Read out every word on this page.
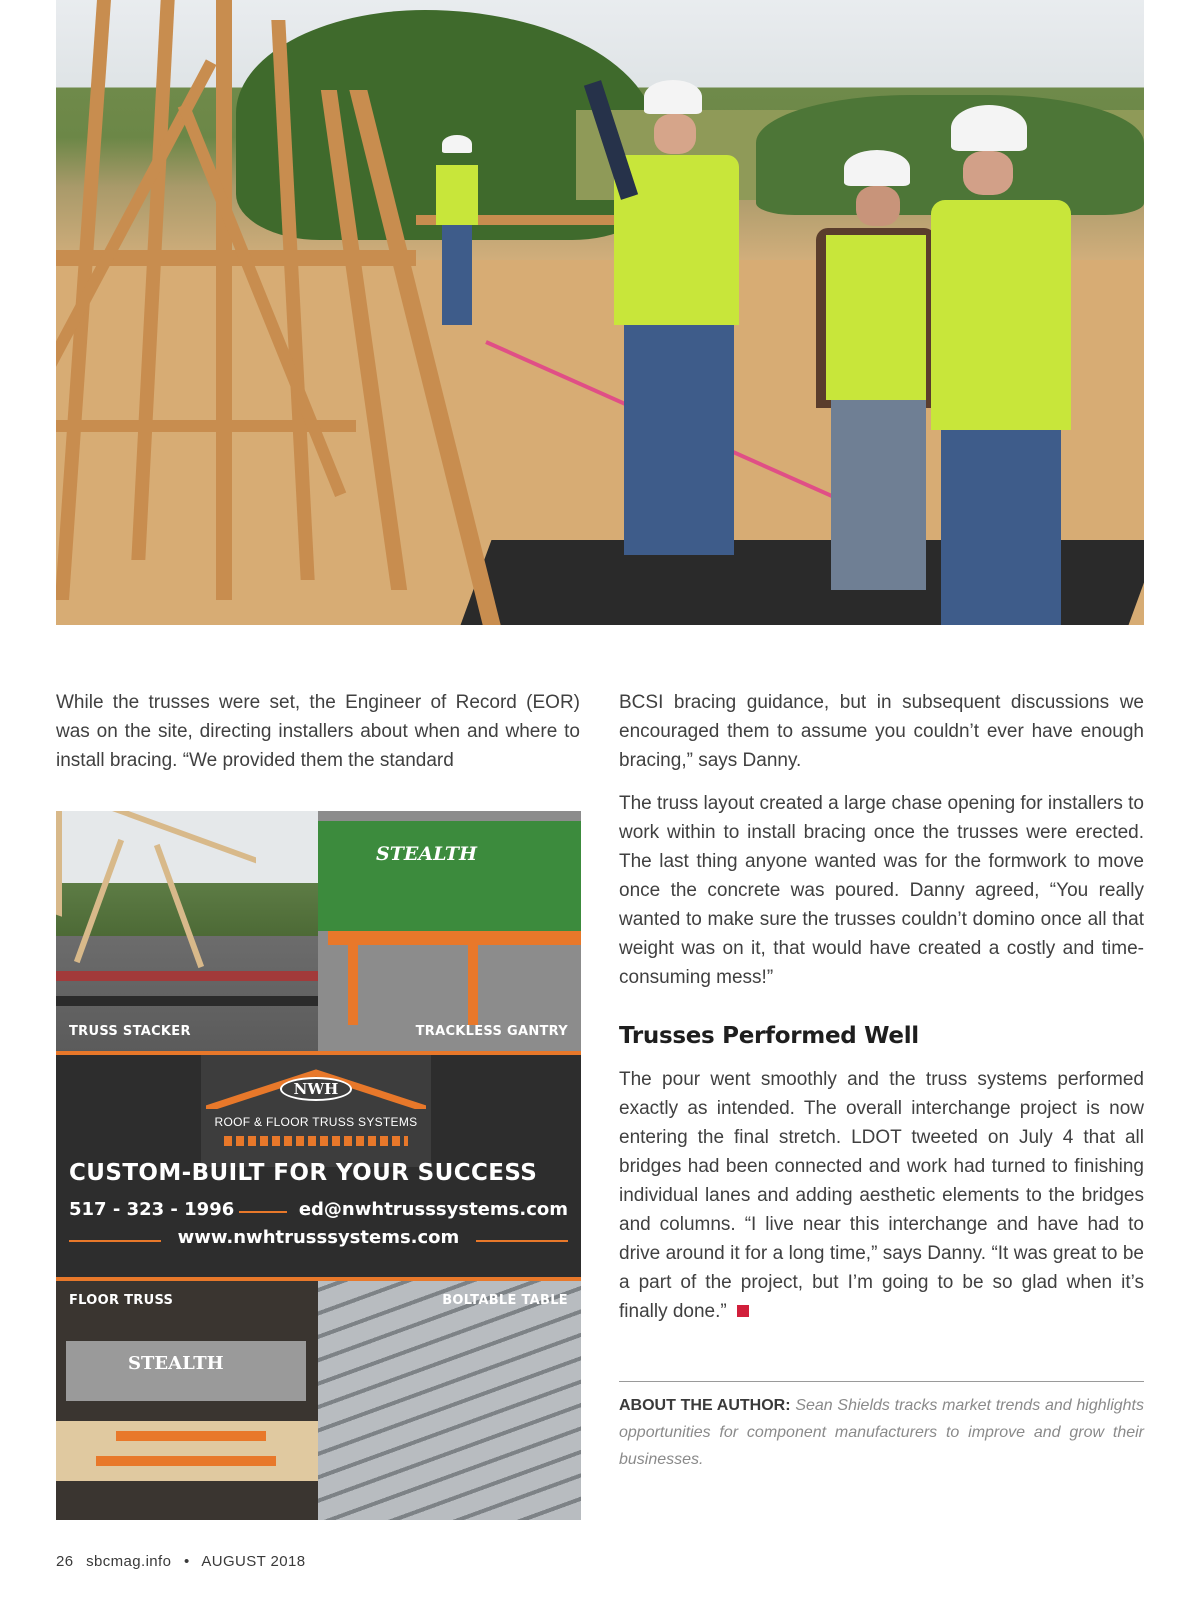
While the trusses were set, the Engineer of Record (EOR) was on the site, directing installers about when and where to install bracing. “We provided them the standard

TRUSS STACKER
STEALTH
TRACKLESS GANTRY
NWH
ROOF & FLOOR TRUSS SYSTEMS
CUSTOM-BUILT FOR YOUR SUCCESS
517 - 323 - 1996	ed@nwhtrusssystems.com
www.nwhtrusssystems.com
STEALTH
FLOOR TRUSS	BOLTABLE TABLE

BCSI bracing guidance, but in subsequent discussions we encouraged them to assume you couldn’t ever have enough bracing,” says Danny.

The truss layout created a large chase opening for installers to work within to install bracing once the trusses were erected. The last thing anyone wanted was for the formwork to move once the concrete was poured. Danny agreed, “You really wanted to make sure the trusses couldn’t domino once all that weight was on it, that would have created a costly and time-consuming mess!”

Trusses Performed Well

The pour went smoothly and the truss systems performed exactly as intended. The overall interchange project is now entering the final stretch. LDOT tweeted on July 4 that all bridges had been connected and work had turned to finishing individual lanes and adding aesthetic elements to the bridges and columns. “I live near this interchange and have had to drive around it for a long time,” says Danny. “It was great to be a part of the project, but I’m going to be so glad when it’s finally done.”

ABOUT THE AUTHOR: Sean Shields tracks market trends and highlights opportunities for component manufacturers to improve and grow their businesses.
26 sbcmag.info • AUGUST 2018
